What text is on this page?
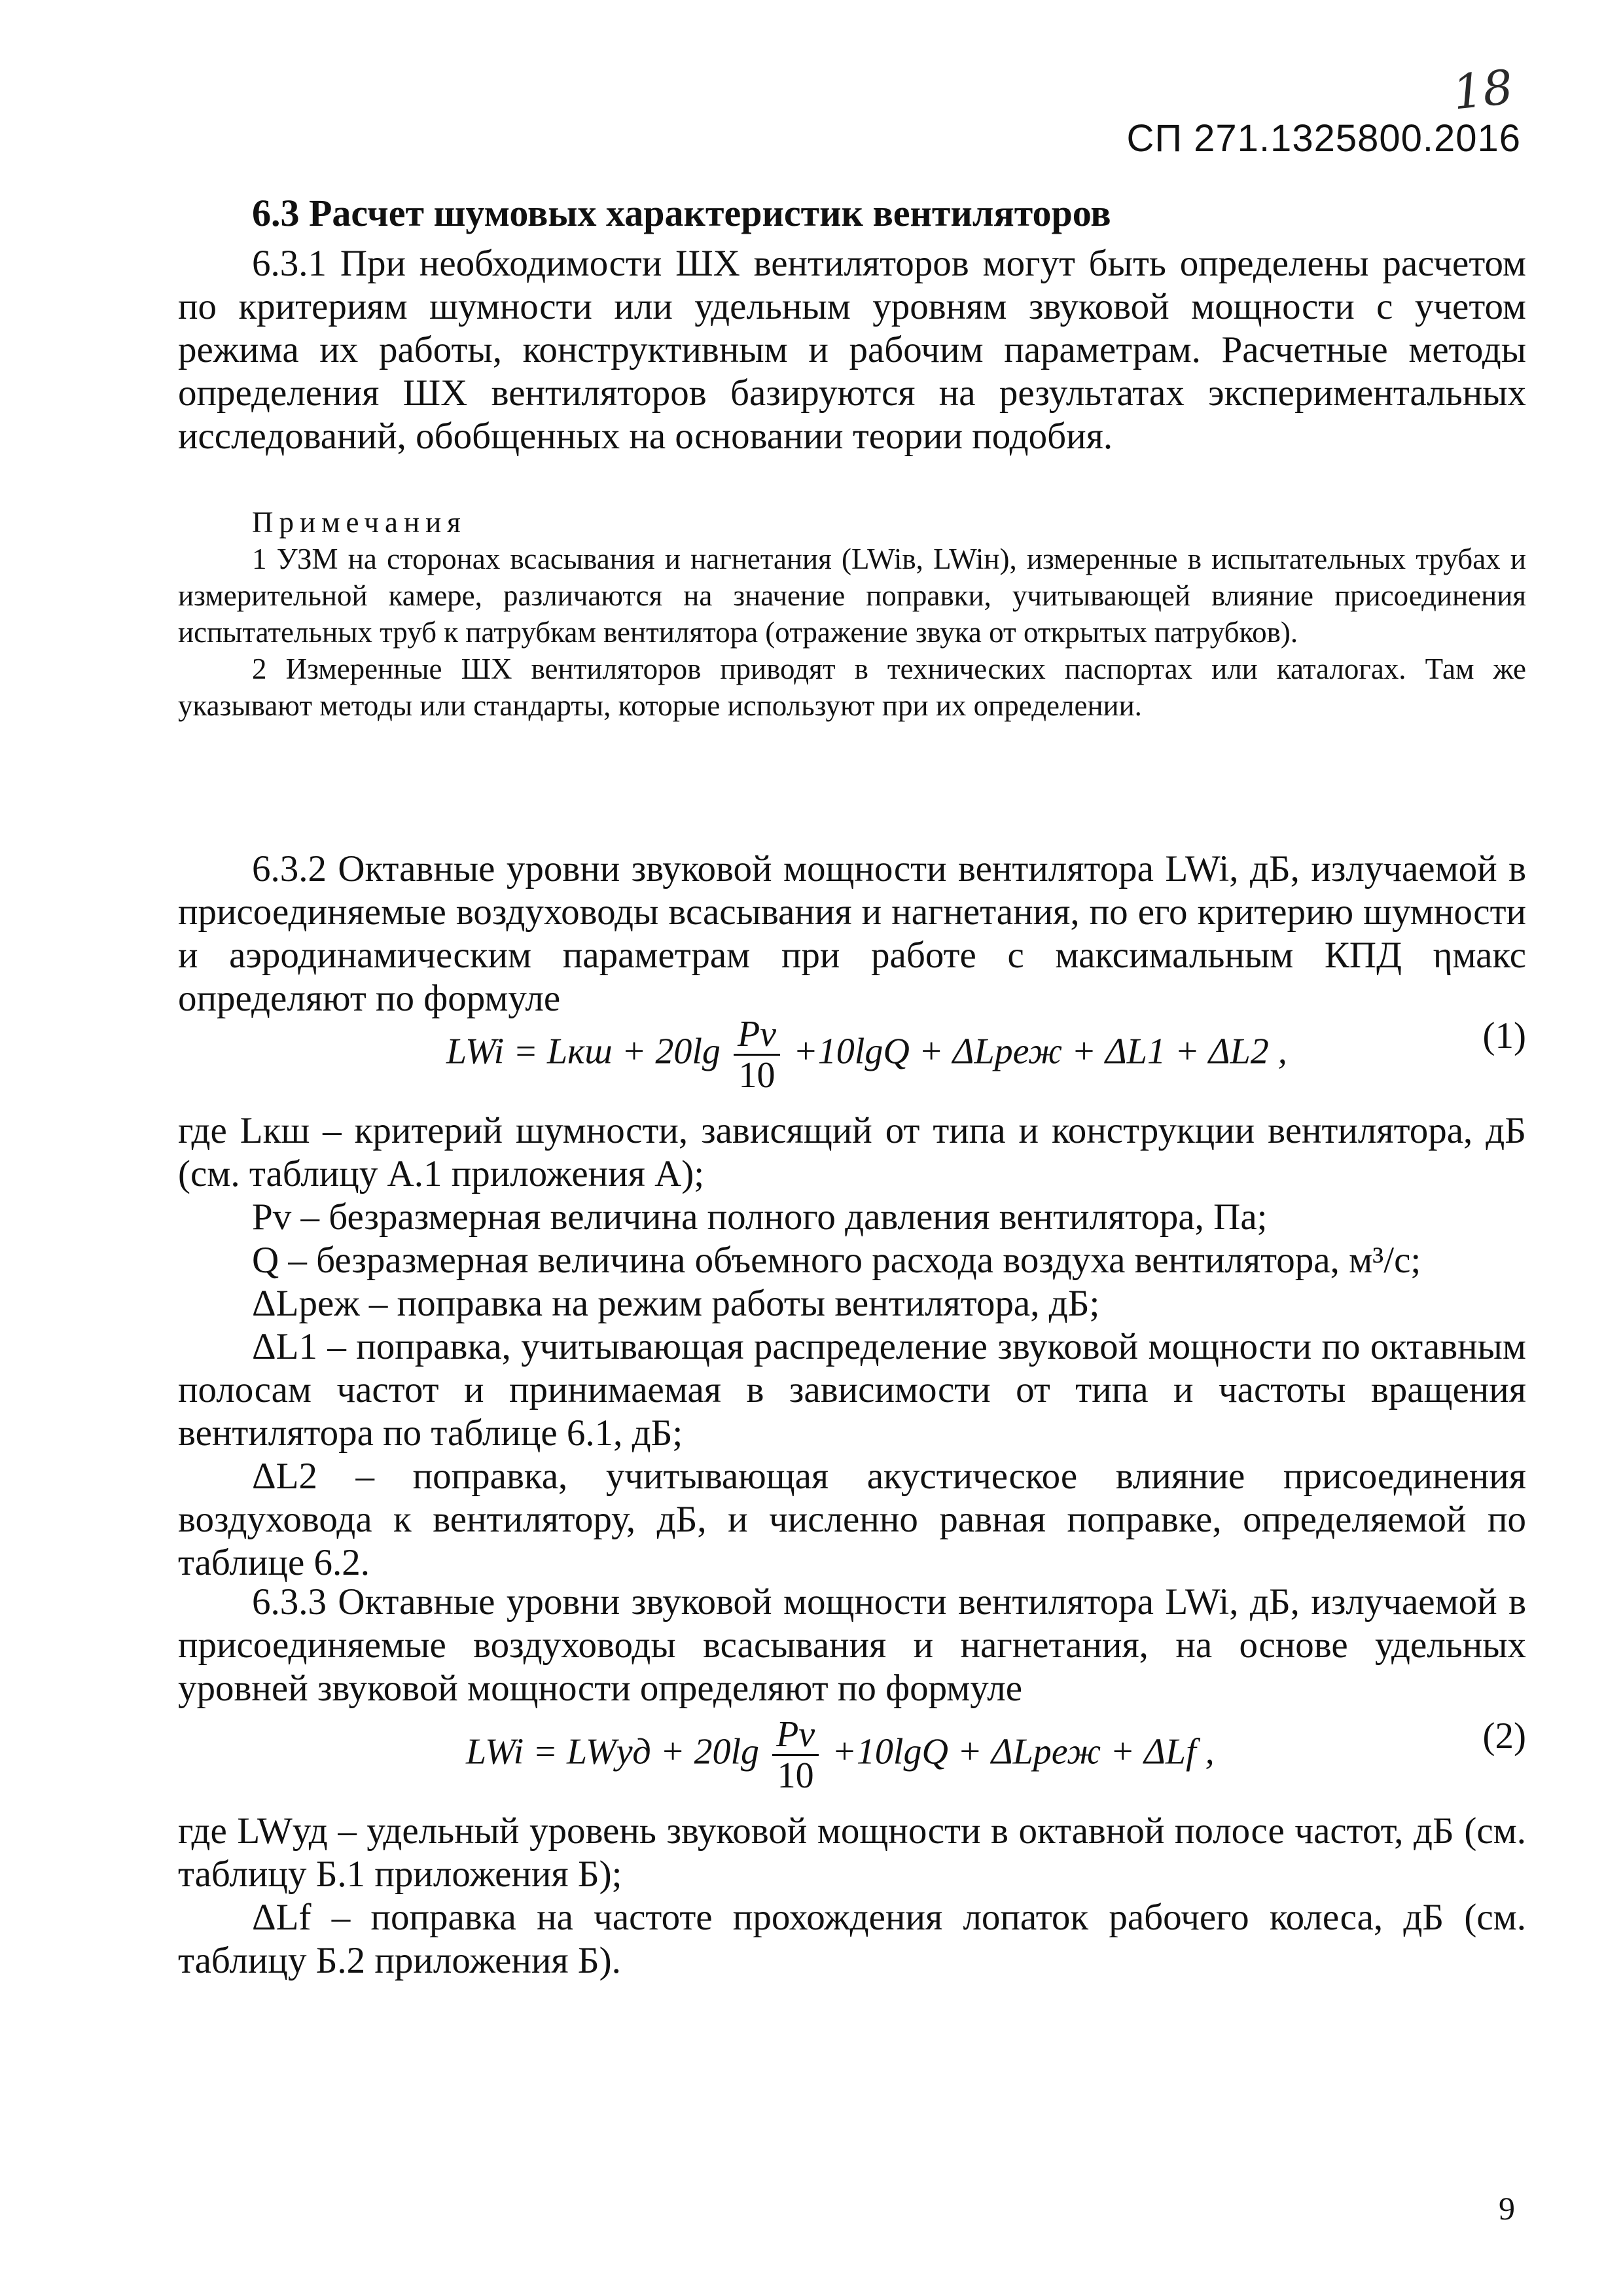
18
СП 271.1325800.2016
6.3 Расчет шумовых характеристик вентиляторов

6.3.1 При необходимости ШХ вентиляторов могут быть определены расчетом по критериям шумности или удельным уровням звуковой мощности с учетом режима их работы, конструктивным и рабочим параметрам. Расчетные методы определения ШХ вентиляторов базируются на результатах экспериментальных исследований, обобщенных на основании теории подобия.

Примечания

1 УЗМ на сторонах всасывания и нагнетания (LWiв, LWiн), измеренные в испытательных трубах и измерительной камере, различаются на значение поправки, учитывающей влияние присоединения испытательных труб к патрубкам вентилятора (отражение звука от открытых патрубков).

2 Измеренные ШХ вентиляторов приводят в технических паспортах или каталогах. Там же указывают методы или стандарты, которые используют при их определении.

6.3.2 Октавные уровни звуковой мощности вентилятора LWi, дБ, излучаемой в присоединяемые воздуховоды всасывания и нагнетания, по его критерию шумности и аэродинамическим параметрам при работе с максимальным КПД ηмакс определяют по формуле

LWi = Lкш + $20\lg \frac{Pv}{10} +10\lg Q$ + ΔLреж + ΔL1 + ΔL2 ,	(1)

где Lкш – критерий шумности, зависящий от типа и конструкции вентилятора, дБ (см. таблицу А.1 приложения А);

Pv – безразмерная величина полного давления вентилятора, Па;

Q – безразмерная величина объемного расхода воздуха вентилятора, м³/с;

ΔLреж – поправка на режим работы вентилятора, дБ;

ΔL1 – поправка, учитывающая распределение звуковой мощности по октавным полосам частот и принимаемая в зависимости от типа и частоты вращения вентилятора по таблице 6.1, дБ;

ΔL2 – поправка, учитывающая акустическое влияние присоединения воздуховода к вентилятору, дБ, и численно равная поправке, определяемой по таблице 6.2.

6.3.3 Октавные уровни звуковой мощности вентилятора LWi, дБ, излучаемой в присоединяемые воздуховоды всасывания и нагнетания, на основе удельных уровней звуковой мощности определяют по формуле

LWi = LWуд + $20\lg \frac{Pv}{10} +10\lg Q$ + ΔLреж + ΔLf ,	(2)

где LWуд – удельный уровень звуковой мощности в октавной полосе частот, дБ (см. таблицу Б.1 приложения Б);

ΔLf – поправка на частоте прохождения лопаток рабочего колеса, дБ (см. таблицу Б.2 приложения Б).

9
